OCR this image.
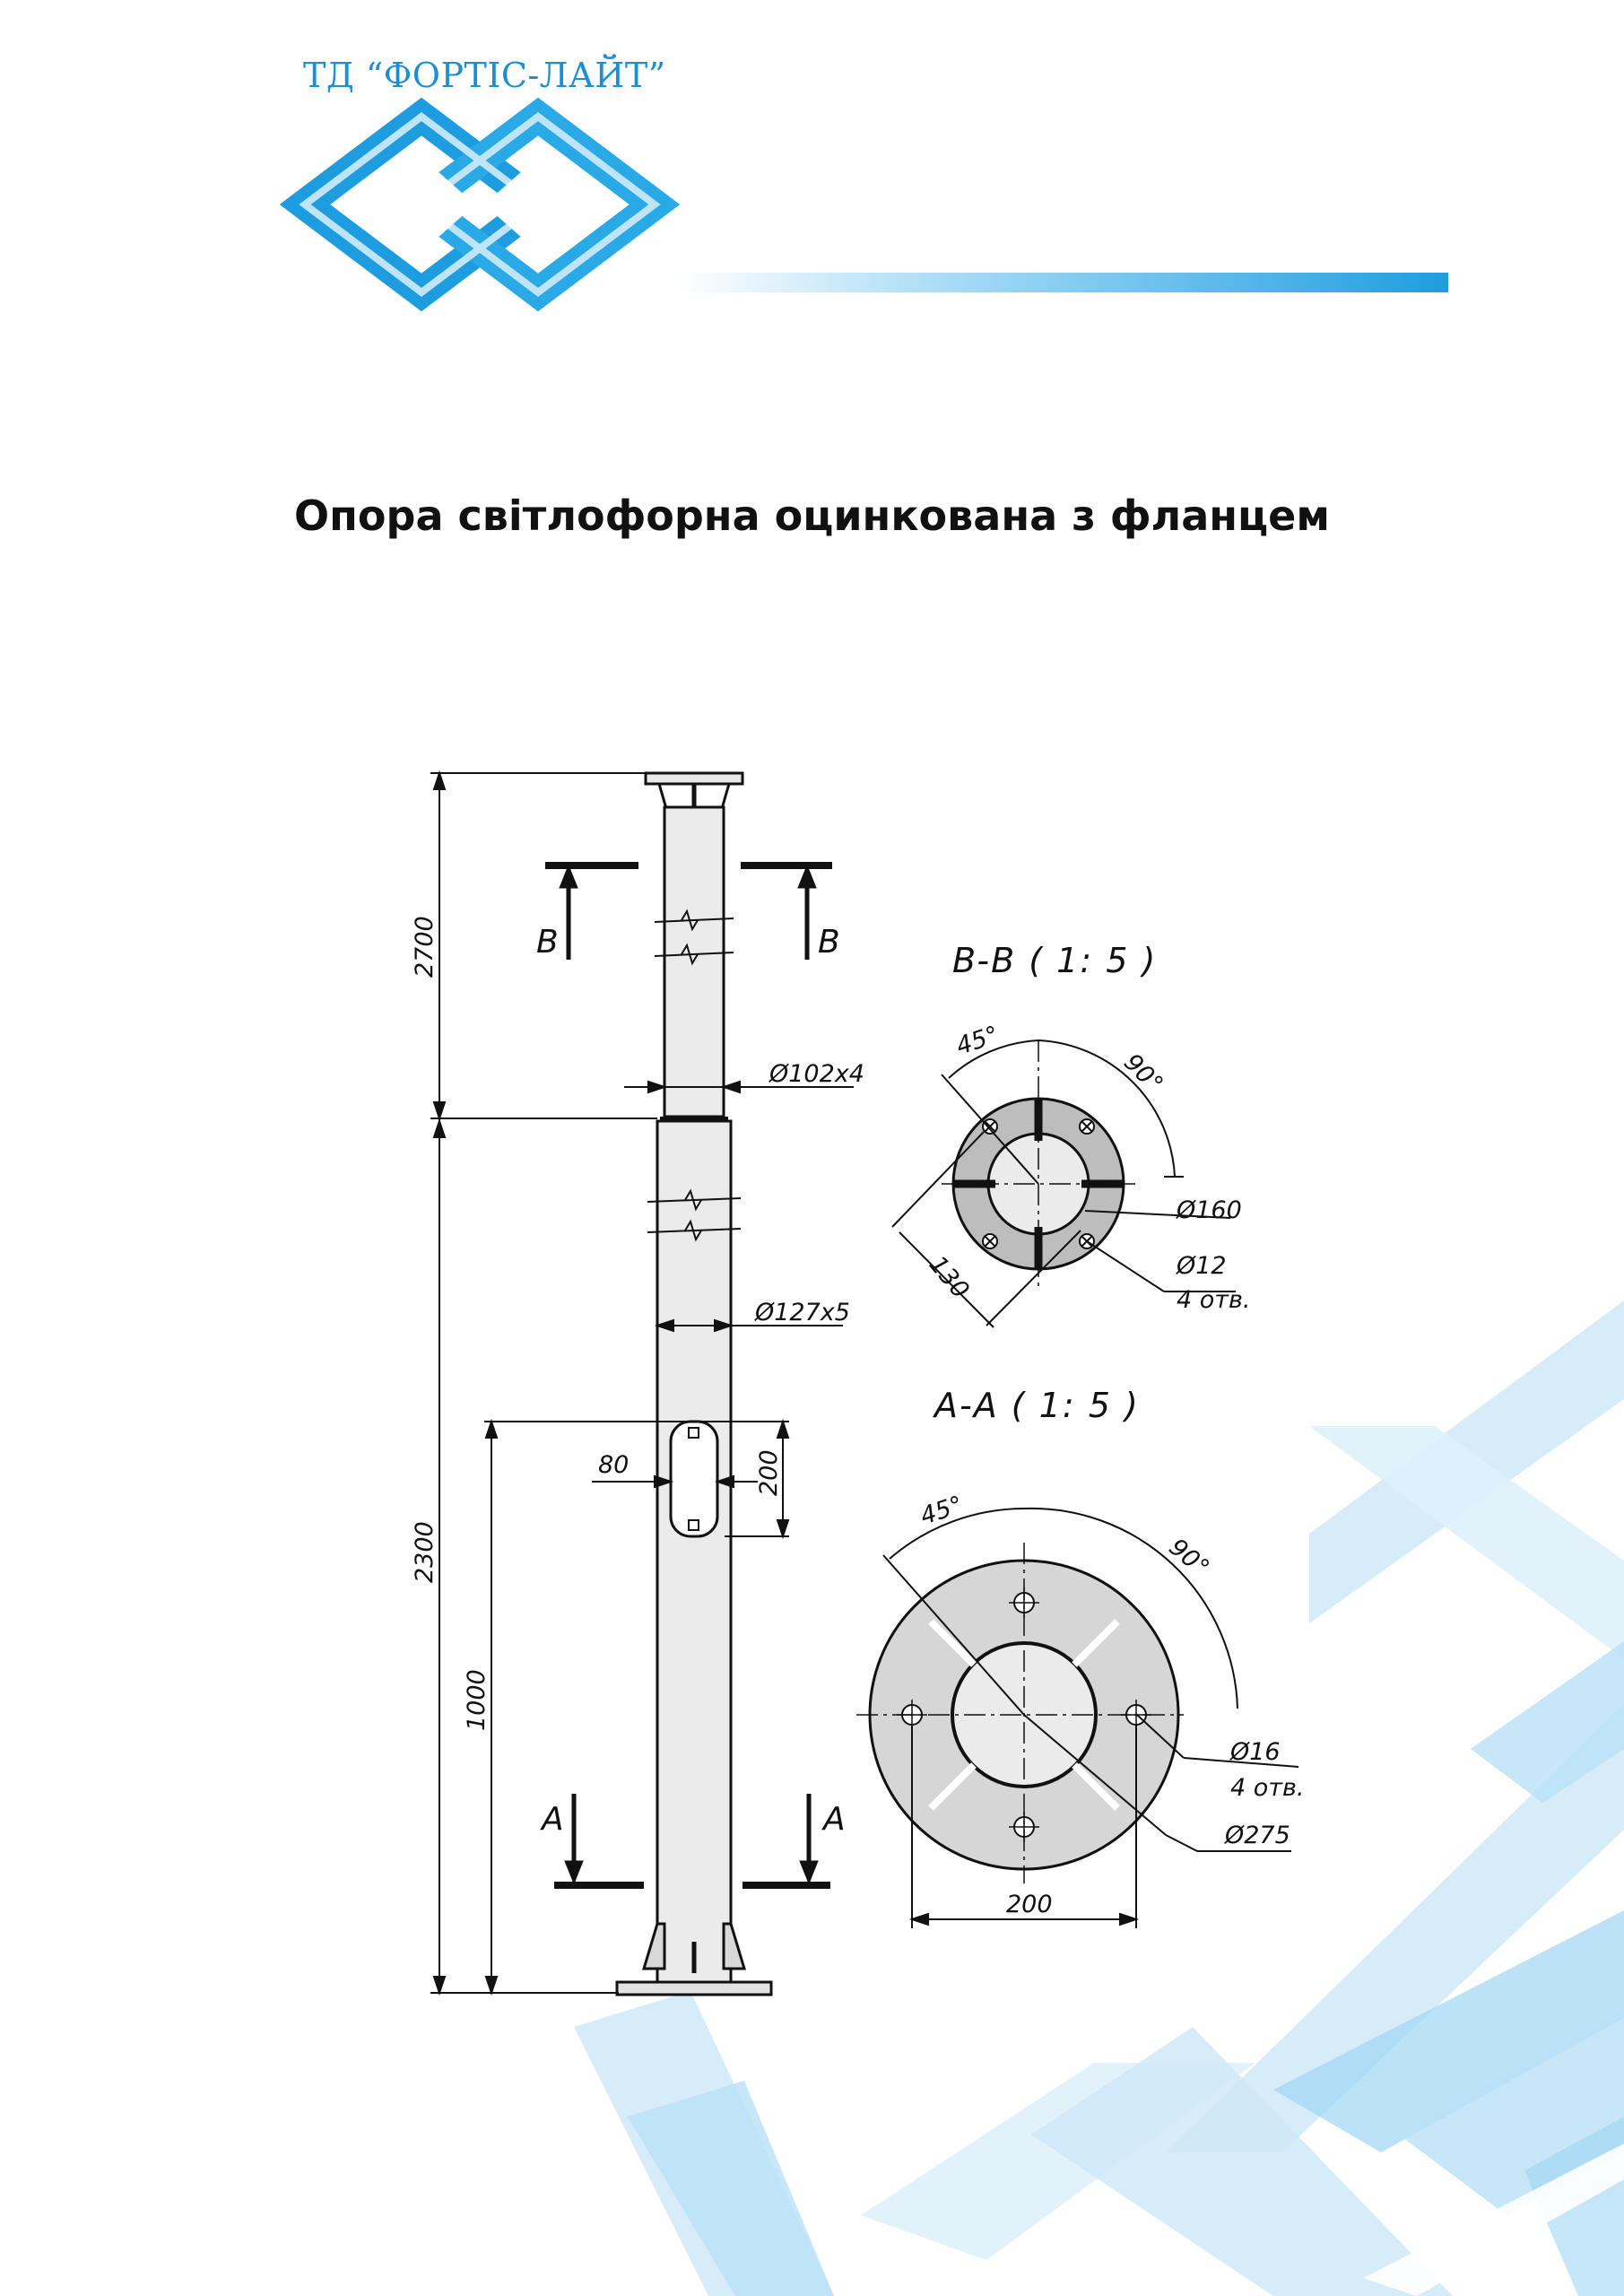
ТД “ФОРТІС-ЛАЙТ”
Опора світлофорна оцинкована з фланцем
B	B
A	A
2700
2300
1000
Ø102x4
Ø127x5
80	200
B-B ( 1: 5 )
45°
90°
Ø160
130	Ø12
4 отв.
A-A ( 1: 5 )
45°
90°
Ø16
4 отв.
Ø275
200
